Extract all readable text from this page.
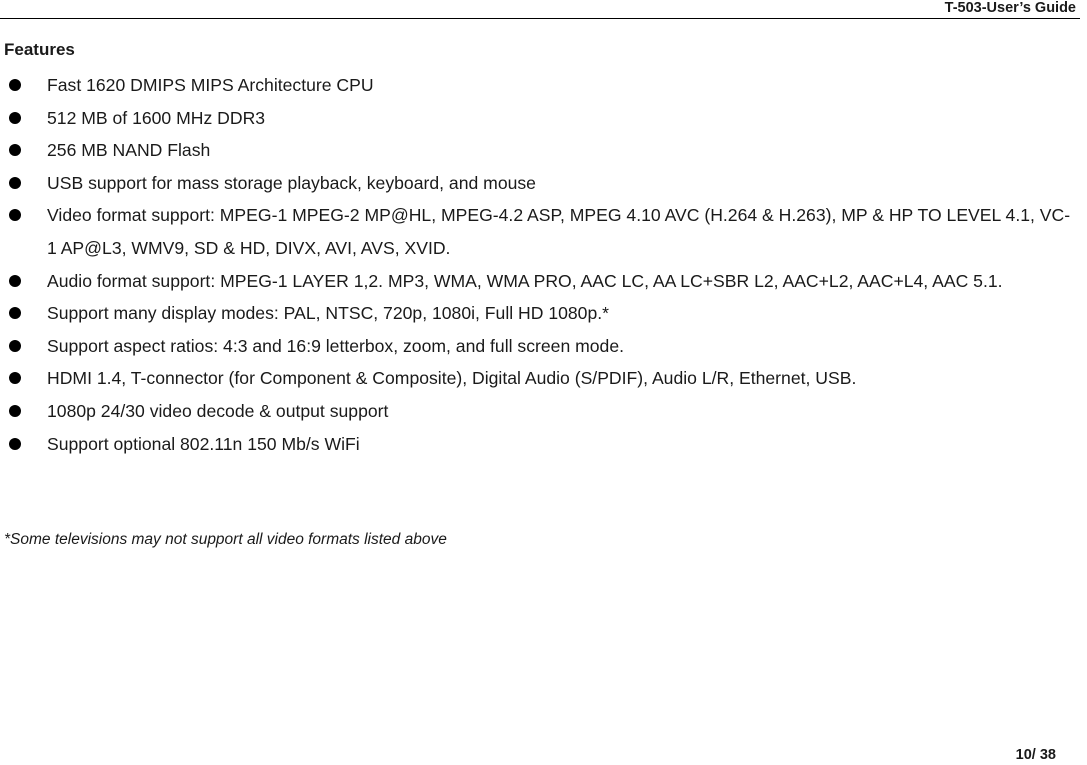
T-503-User’s Guide
Features
Fast 1620 DMIPS MIPS Architecture CPU
512 MB of 1600 MHz DDR3
256 MB NAND Flash
USB support for mass storage playback, keyboard, and mouse
Video format support: MPEG-1 MPEG-2 MP@HL, MPEG-4.2 ASP, MPEG 4.10 AVC (H.264 & H.263), MP & HP TO LEVEL 4.1, VC-1 AP@L3, WMV9, SD & HD, DIVX, AVI, AVS, XVID.
Audio format support: MPEG-1 LAYER 1,2. MP3, WMA, WMA PRO, AAC LC, AA LC+SBR L2, AAC+L2, AAC+L4, AAC 5.1.
Support many display modes: PAL, NTSC, 720p, 1080i, Full HD 1080p.*
Support aspect ratios: 4:3 and 16:9 letterbox, zoom, and full screen mode.
HDMI 1.4, T-connector (for Component & Composite), Digital Audio (S/PDIF), Audio L/R, Ethernet, USB.
1080p 24/30 video decode & output support
Support optional 802.11n 150 Mb/s WiFi
*Some televisions may not support all video formats listed above
10/ 38
